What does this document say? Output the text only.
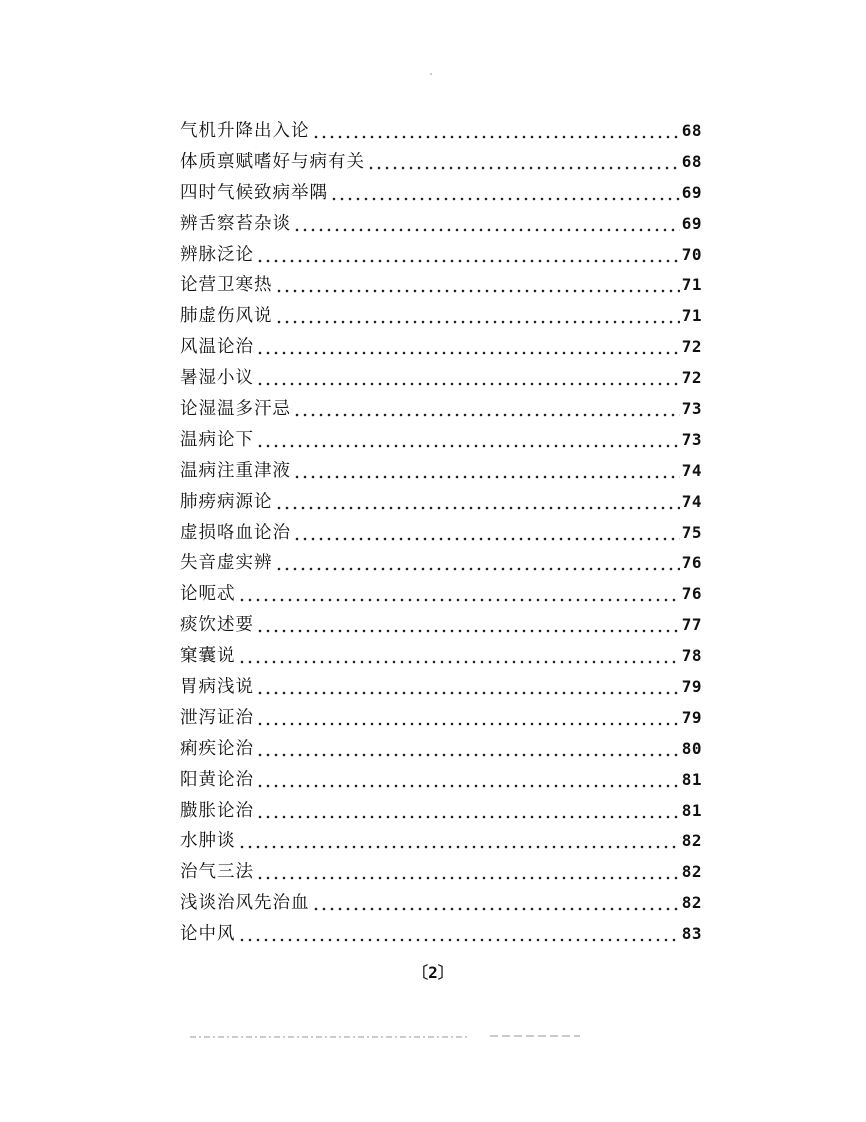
气机升降出入论	68
体质禀赋嗜好与病有关	68
四时气候致病举隅	69
辨舌察苔杂谈	69
辨脉泛论	70
论营卫寒热	71
肺虚伤风说	71
风温论治	72
暑湿小议	72
论湿温多汗忌	73
温病论下	73
温病注重津液	74
肺痨病源论	74
虚损咯血论治	75
失音虚实辨	76
论呃忒	76
痰饮述要	77
窠囊说	78
胃病浅说	79
泄泻证治	79
痢疾论治	80
阳黄论治	81
臌胀论治	81
水肿谈	82
治气三法	82
浅谈治风先治血	82
论中风	83
〔2〕
